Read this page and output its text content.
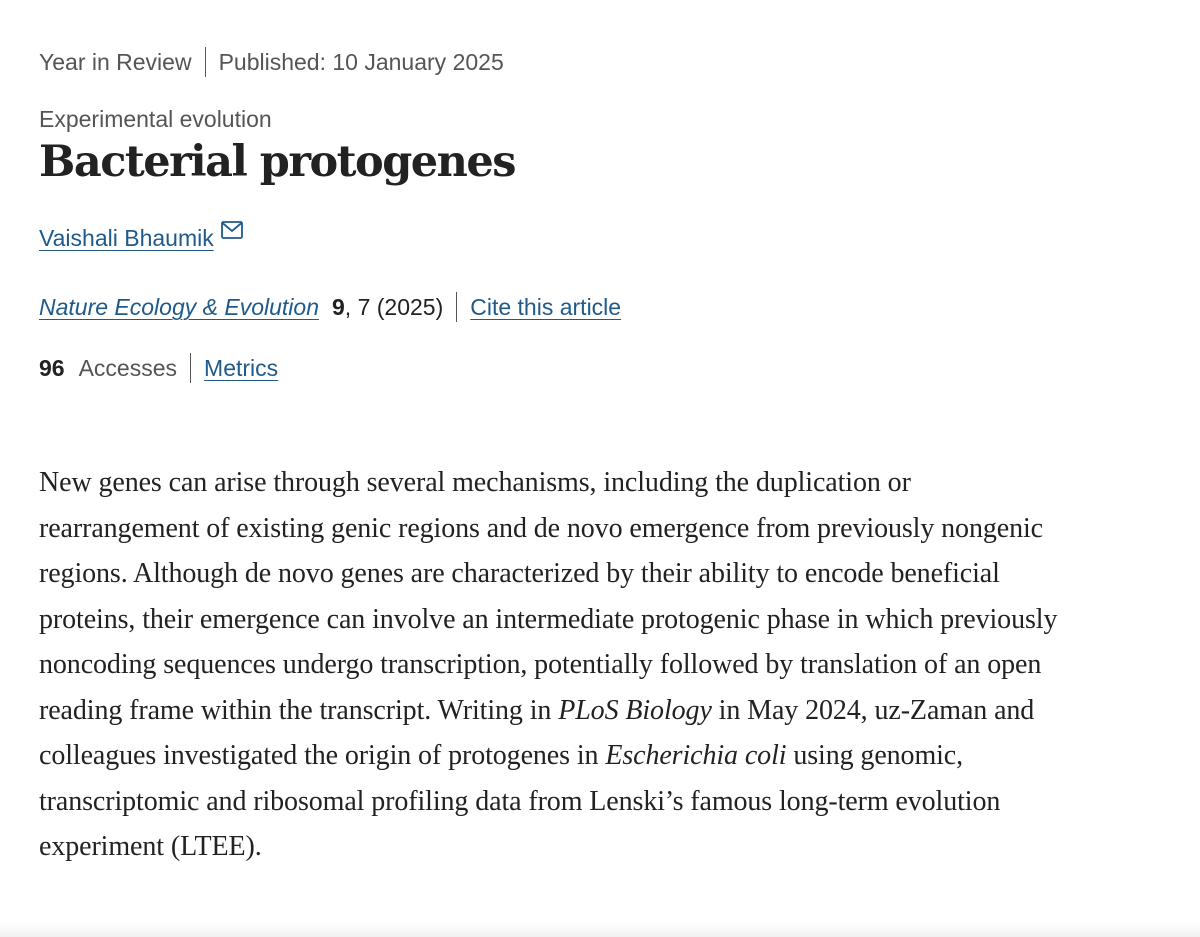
Year in Review Published: 10 January 2025
Experimental evolution
Bacterial protogenes
Vaishali Bhaumik
Nature Ecology & Evolution 9 , 7 (2025) Cite this article
96 Accesses Metrics

New genes can arise through several mechanisms, including the duplication or
rearrangement of existing genic regions and de novo emergence from previously nongenic
regions. Although de novo genes are characterized by their ability to encode beneficial
proteins, their emergence can involve an intermediate protogenic phase in which previously
noncoding sequences undergo transcription, potentially followed by translation of an open
reading frame within the transcript. Writing in PLoS Biology in May 2024, uz-Zaman and
colleagues investigated the origin of protogenes in Escherichia coli using genomic,
transcriptomic and ribosomal profiling data from Lenski’s famous long-term evolution
experiment (LTEE).
